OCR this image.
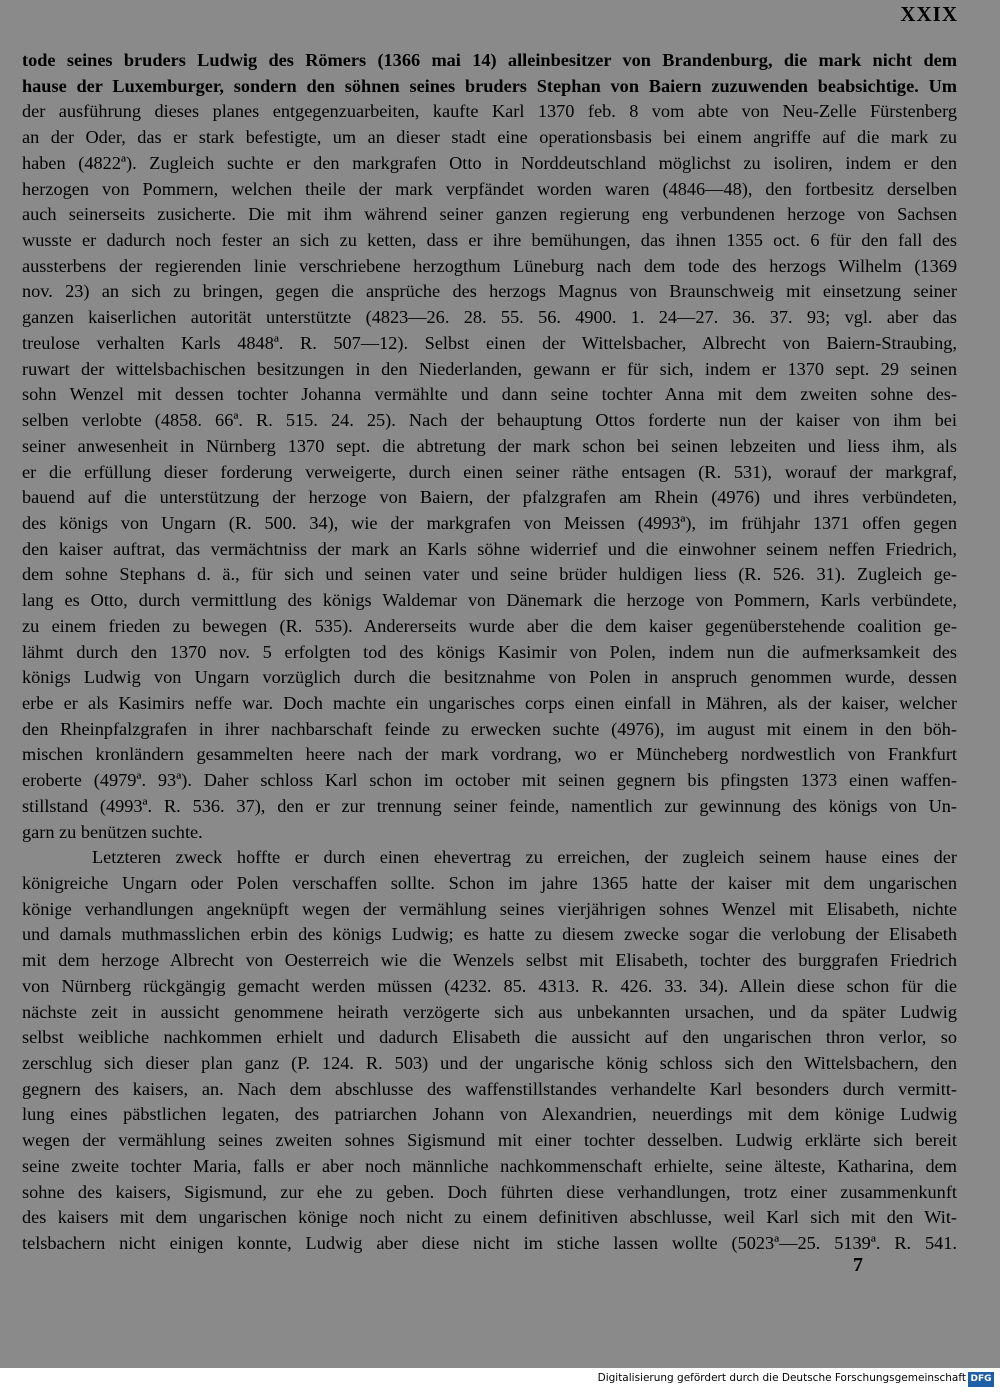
XXIX
tode seines bruders Ludwig des Römers (1366 mai 14) alleinbesitzer von Brandenburg, die mark nicht dem
hause der Luxemburger, sondern den söhnen seines bruders Stephan von Baiern zuzuwenden beabsichtige. Um
der ausführung dieses planes entgegenzuarbeiten, kaufte Karl 1370 feb. 8 vom abte von Neu-Zelle Fürstenberg
an der Oder, das er stark befestigte, um an dieser stadt eine operationsbasis bei einem angriffe auf die mark zu
haben (4822ª). Zugleich suchte er den markgrafen Otto in Norddeutschland möglichst zu isoliren, indem er den
herzogen von Pommern, welchen theile der mark verpfändet worden waren (4846—48), den fortbesitz derselben
auch seinerseits zusicherte. Die mit ihm während seiner ganzen regierung eng verbundenen herzoge von Sachsen
wusste er dadurch noch fester an sich zu ketten, dass er ihre bemühungen, das ihnen 1355 oct. 6 für den fall des
aussterbens der regierenden linie verschriebene herzogthum Lüneburg nach dem tode des herzogs Wilhelm (1369
nov. 23) an sich zu bringen, gegen die ansprüche des herzogs Magnus von Braunschweig mit einsetzung seiner
ganzen kaiserlichen autorität unterstützte (4823—26. 28. 55. 56. 4900. 1. 24—27. 36. 37. 93; vgl. aber das
treulose verhalten Karls 4848ª. R. 507—12). Selbst einen der Wittelsbacher, Albrecht von Baiern-Straubing,
ruwart der wittelsbachischen besitzungen in den Niederlanden, gewann er für sich, indem er 1370 sept. 29 seinen
sohn Wenzel mit dessen tochter Johanna vermählte und dann seine tochter Anna mit dem zweiten sohne des-
selben verlobte (4858. 66ª. R. 515. 24. 25). Nach der behauptung Ottos forderte nun der kaiser von ihm bei
seiner anwesenheit in Nürnberg 1370 sept. die abtretung der mark schon bei seinen lebzeiten und liess ihm, als
er die erfüllung dieser forderung verweigerte, durch einen seiner räthe entsagen (R. 531), worauf der markgraf,
bauend auf die unterstützung der herzoge von Baiern, der pfalzgrafen am Rhein (4976) und ihres verbündeten,
des königs von Ungarn (R. 500. 34), wie der markgrafen von Meissen (4993ª), im frühjahr 1371 offen gegen
den kaiser auftrat, das vermächtniss der mark an Karls söhne widerrief und die einwohner seinem neffen Friedrich,
dem sohne Stephans d. ä., für sich und seinen vater und seine brüder huldigen liess (R. 526. 31). Zugleich ge-
lang es Otto, durch vermittlung des königs Waldemar von Dänemark die herzoge von Pommern, Karls verbündete,
zu einem frieden zu bewegen (R. 535). Andererseits wurde aber die dem kaiser gegenüberstehende coalition ge-
lähmt durch den 1370 nov. 5 erfolgten tod des königs Kasimir von Polen, indem nun die aufmerksamkeit des
königs Ludwig von Ungarn vorzüglich durch die besitznahme von Polen in anspruch genommen wurde, dessen
erbe er als Kasimirs neffe war. Doch machte ein ungarisches corps einen einfall in Mähren, als der kaiser, welcher
den Rheinpfalzgrafen in ihrer nachbarschaft feinde zu erwecken suchte (4976), im august mit einem in den böh-
mischen kronländern gesammelten heere nach der mark vordrang, wo er Müncheberg nordwestlich von Frankfurt
eroberte (4979ª. 93ª). Daher schloss Karl schon im october mit seinen gegnern bis pfingsten 1373 einen waffen-
stillstand (4993ª. R. 536. 37), den er zur trennung seiner feinde, namentlich zur gewinnung des königs von Un-
garn zu benützen suchte.
Letzteren zweck hoffte er durch einen ehevertrag zu erreichen, der zugleich seinem hause eines der
königreiche Ungarn oder Polen verschaffen sollte. Schon im jahre 1365 hatte der kaiser mit dem ungarischen
könige verhandlungen angeknüpft wegen der vermählung seines vierjährigen sohnes Wenzel mit Elisabeth, nichte
und damals muthmasslichen erbin des königs Ludwig; es hatte zu diesem zwecke sogar die verlobung der Elisabeth
mit dem herzoge Albrecht von Oesterreich wie die Wenzels selbst mit Elisabeth, tochter des burggrafen Friedrich
von Nürnberg rückgängig gemacht werden müssen (4232. 85. 4313. R. 426. 33. 34). Allein diese schon für die
nächste zeit in aussicht genommene heirath verzögerte sich aus unbekannten ursachen, und da später Ludwig
selbst weibliche nachkommen erhielt und dadurch Elisabeth die aussicht auf den ungarischen thron verlor, so
zerschlug sich dieser plan ganz (P. 124. R. 503) und der ungarische könig schloss sich den Wittelsbachern, den
gegnern des kaisers, an. Nach dem abschlusse des waffenstillstandes verhandelte Karl besonders durch vermitt-
lung eines päbstlichen legaten, des patriarchen Johann von Alexandrien, neuerdings mit dem könige Ludwig
wegen der vermählung seines zweiten sohnes Sigismund mit einer tochter desselben. Ludwig erklärte sich bereit
seine zweite tochter Maria, falls er aber noch männliche nachkommenschaft erhielte, seine älteste, Katharina, dem
sohne des kaisers, Sigismund, zur ehe zu geben. Doch führten diese verhandlungen, trotz einer zusammenkunft
des kaisers mit dem ungarischen könige noch nicht zu einem definitiven abschlusse, weil Karl sich mit den Wit-
telsbachern nicht einigen konnte, Ludwig aber diese nicht im stiche lassen wollte (5023ª—25. 5139ª. R. 541.
7
Digitalisierung gefördert durch die Deutsche Forschungsgemeinschaft DFG
